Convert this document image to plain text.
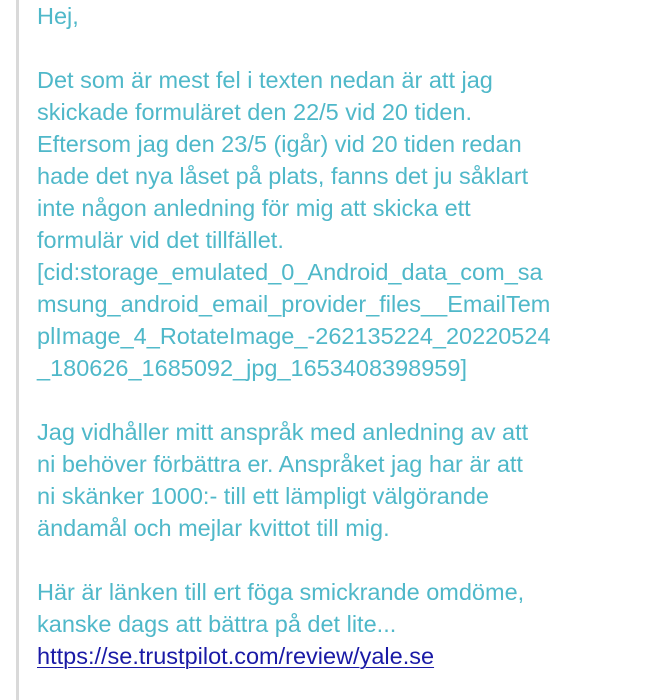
Hej,
Det som är mest fel i texten nedan är att jag
skickade formuläret den 22/5 vid 20 tiden.
Eftersom jag den 23/5 (igår) vid 20 tiden redan
hade det nya låset på plats, fanns det ju såklart
inte någon anledning för mig att skicka ett
formulär vid det tillfället.
[cid:storage_emulated_0_Android_data_com_sa
msung_android_email_provider_files__EmailTem
plImage_4_RotateImage_-262135224_20220524
_180626_1685092_jpg_1653408398959]
Jag vidhåller mitt anspråk med anledning av att
ni behöver förbättra er. Anspråket jag har är att
ni skänker 1000:- till ett lämpligt välgörande
ändamål och mejlar kvittot till mig.
Här är länken till ert föga smickrande omdöme,
kanske dags att bättra på det lite...
https://se.trustpilot.com/review/yale.se
